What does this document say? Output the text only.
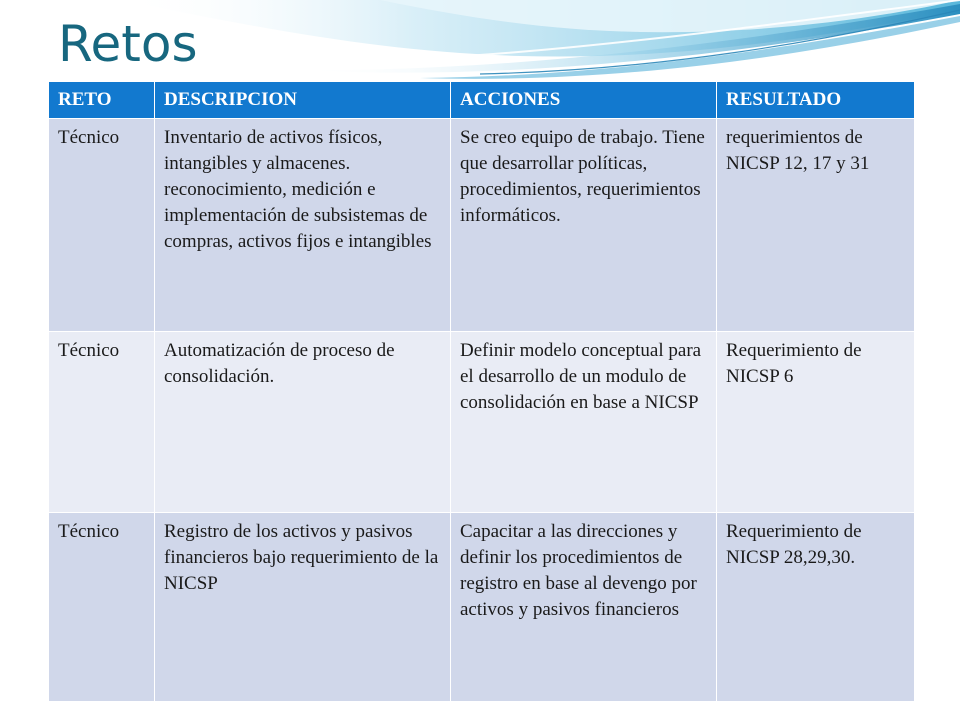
Retos
RETO	DESCRIPCION	ACCIONES	RESULTADO
Técnico	Inventario de activos físicos, intangibles y almacenes. reconocimiento, medición e implementación de subsistemas de compras, activos fijos e intangibles	Se creo equipo de trabajo. Tiene que desarrollar políticas, procedimientos, requerimientos informáticos.	requerimientos de NICSP 12, 17 y 31
Técnico	Automatización de proceso de consolidación.	Definir modelo conceptual para el desarrollo de un modulo de consolidación en base a NICSP	Requerimiento de NICSP 6
Técnico	Registro de los activos y pasivos financieros bajo requerimiento de la NICSP	Capacitar a las direcciones y definir los procedimientos de registro en base al devengo por activos y pasivos financieros	Requerimiento de NICSP 28,29,30.
